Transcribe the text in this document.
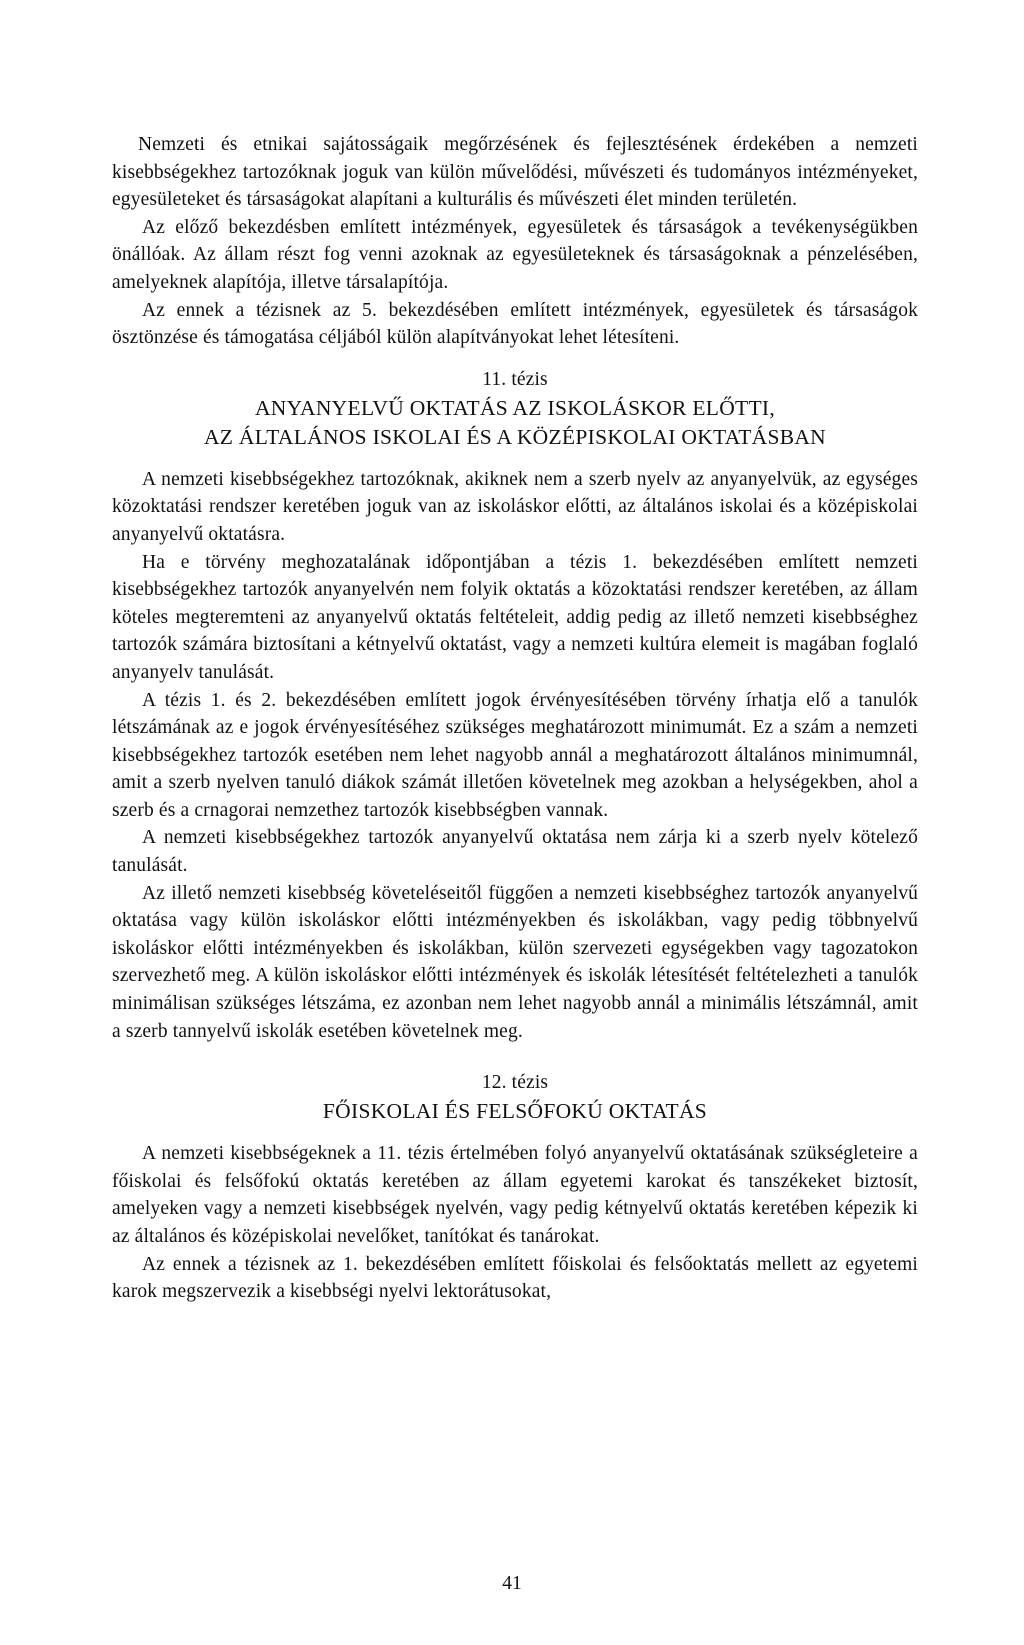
Nemzeti és etnikai sajátosságaik megőrzésének és fejlesztésének érdekében a nemzeti kisebbségekhez tartozóknak joguk van külön művelődési, művészeti és tudományos intézményeket, egyesületeket és társaságokat alapítani a kulturális és művészeti élet minden területén.

Az előző bekezdésben említett intézmények, egyesületek és társaságok a tevékenységükben önállóak. Az állam részt fog venni azoknak az egyesületeknek és társaságoknak a pénzelésében, amelyeknek alapítója, illetve társalapítója.

Az ennek a tézisnek az 5. bekezdésében említett intézmények, egyesületek és társaságok ösztönzése és támogatása céljából külön alapítványokat lehet létesíteni.

11. tézis
ANYANYELVŰ OKTATÁS AZ ISKOLÁSKOR ELŐTTI,
AZ ÁLTALÁNOS ISKOLAI ÉS A KÖZÉPISKOLAI OKTATÁSBAN

A nemzeti kisebbségekhez tartozóknak, akiknek nem a szerb nyelv az anyanyelvük, az egységes közoktatási rendszer keretében joguk van az iskoláskor előtti, az általános iskolai és a középiskolai anyanyelvű oktatásra.

Ha e törvény meghozatalának időpontjában a tézis 1. bekezdésében említett nemzeti kisebbségekhez tartozók anyanyelvén nem folyik oktatás a közoktatási rendszer keretében, az állam köteles megteremteni az anyanyelvű oktatás feltételeit, addig pedig az illető nemzeti kisebbséghez tartozók számára biztosítani a kétnyelvű oktatást, vagy a nemzeti kultúra elemeit is magában foglaló anyanyelv tanulását.

A tézis 1. és 2. bekezdésében említett jogok érvényesítésében törvény írhatja elő a tanulók létszámának az e jogok érvényesítéséhez szükséges meghatározott minimumát. Ez a szám a nemzeti kisebbségekhez tartozók esetében nem lehet nagyobb annál a meghatározott általános minimumnál, amit a szerb nyelven tanuló diákok számát illetően követelnek meg azokban a helységekben, ahol a szerb és a crnagorai nemzethez tartozók kisebbségben vannak.

A nemzeti kisebbségekhez tartozók anyanyelvű oktatása nem zárja ki a szerb nyelv kötelező tanulását.

Az illető nemzeti kisebbség követeléseitől függően a nemzeti kisebbséghez tartozók anyanyelvű oktatása vagy külön iskoláskor előtti intézményekben és iskolákban, vagy pedig többnyelvű iskoláskor előtti intézményekben és iskolákban, külön szervezeti egységekben vagy tagozatokon szervezhető meg. A külön iskoláskor előtti intézmények és iskolák létesítését feltételezheti a tanulók minimálisan szükséges létszáma, ez azonban nem lehet nagyobb annál a minimális létszámnál, amit a szerb tannyelvű iskolák esetében követelnek meg.

12. tézis
FŐISKOLAI ÉS FELSŐFOKÚ OKTATÁS

A nemzeti kisebbségeknek a 11. tézis értelmében folyó anyanyelvű oktatásának szükségleteire a főiskolai és felsőfokú oktatás keretében az állam egyetemi karokat és tanszékeket biztosít, amelyeken vagy a nemzeti kisebbségek nyelvén, vagy pedig kétnyelvű oktatás keretében képezik ki az általános és középiskolai nevelőket, tanítókat és tanárokat.

Az ennek a tézisnek az 1. bekezdésében említett főiskolai és felsőoktatás mellett az egyetemi karok megszervezik a kisebbségi nyelvi lektorátusokat,

41
